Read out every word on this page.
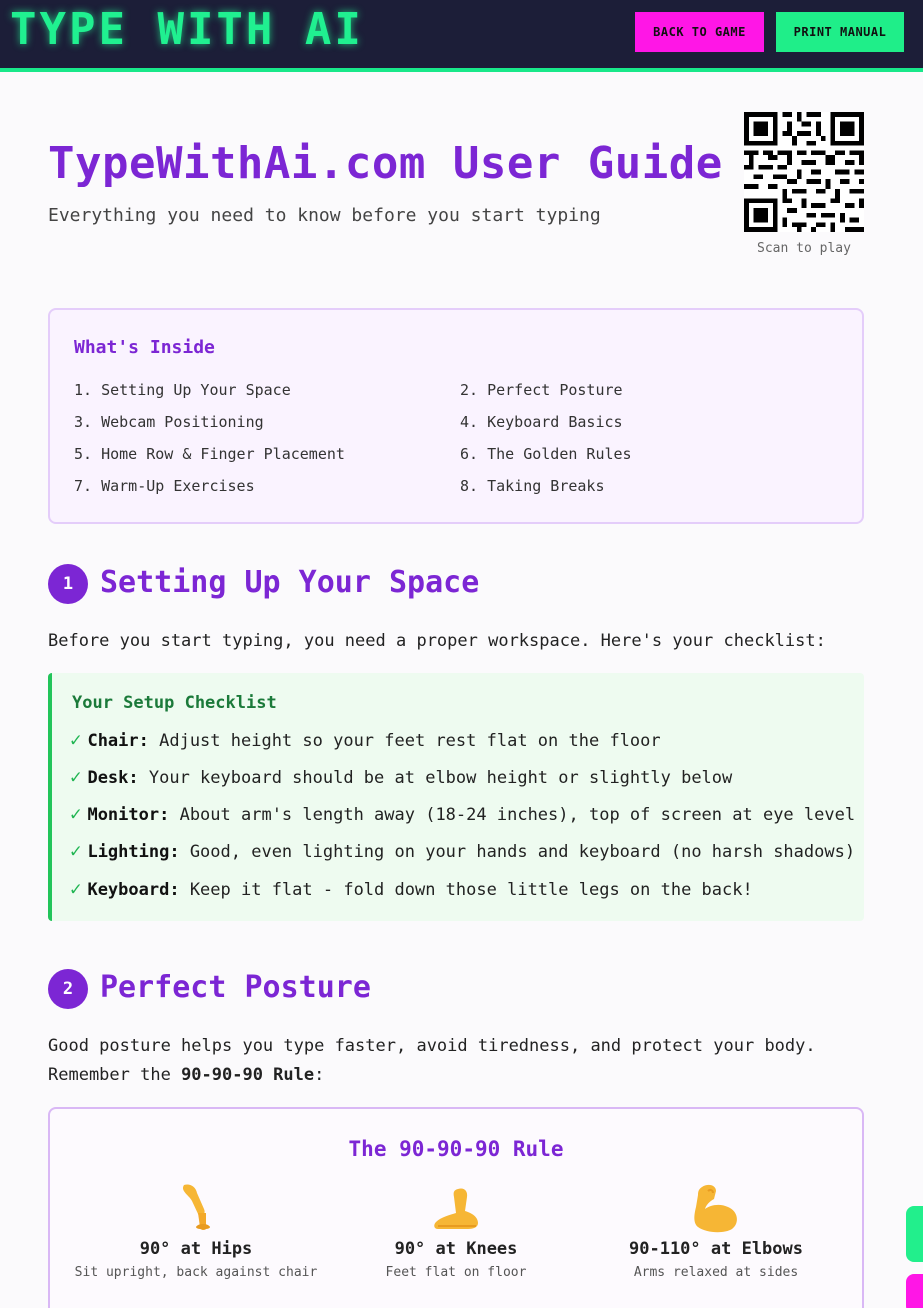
TYPE WITH AI	BACK TO GAME	PRINT MANUAL
TypeWithAi.com User Guide

Everything you need to know before you start typing

Scan to play
What's Inside
1. Setting Up Your Space	2. Perfect Posture
3. Webcam Positioning	4. Keyboard Basics
5. Home Row & Finger Placement	6. The Golden Rules
7. Warm-Up Exercises	8. Taking Breaks
1 Setting Up Your Space

Before you start typing, you need a proper workspace. Here's your checklist:

Your Setup Checklist
✓ Chair: Adjust height so your feet rest flat on the floor
✓ Desk: Your keyboard should be at elbow height or slightly below
✓ Monitor: About arm's length away (18-24 inches), top of screen at eye level
✓ Lighting: Good, even lighting on your hands and keyboard (no harsh shadows)
✓ Keyboard: Keep it flat - fold down those little legs on the back!
2 Perfect Posture

Good posture helps you type faster, avoid tiredness, and protect your body.
Remember the 90-90-90 Rule:

The 90-90-90 Rule
90° at Hips
Sit upright, back against chair
90° at Knees
Feet flat on floor
90-110° at Elbows
Arms relaxed at sides
